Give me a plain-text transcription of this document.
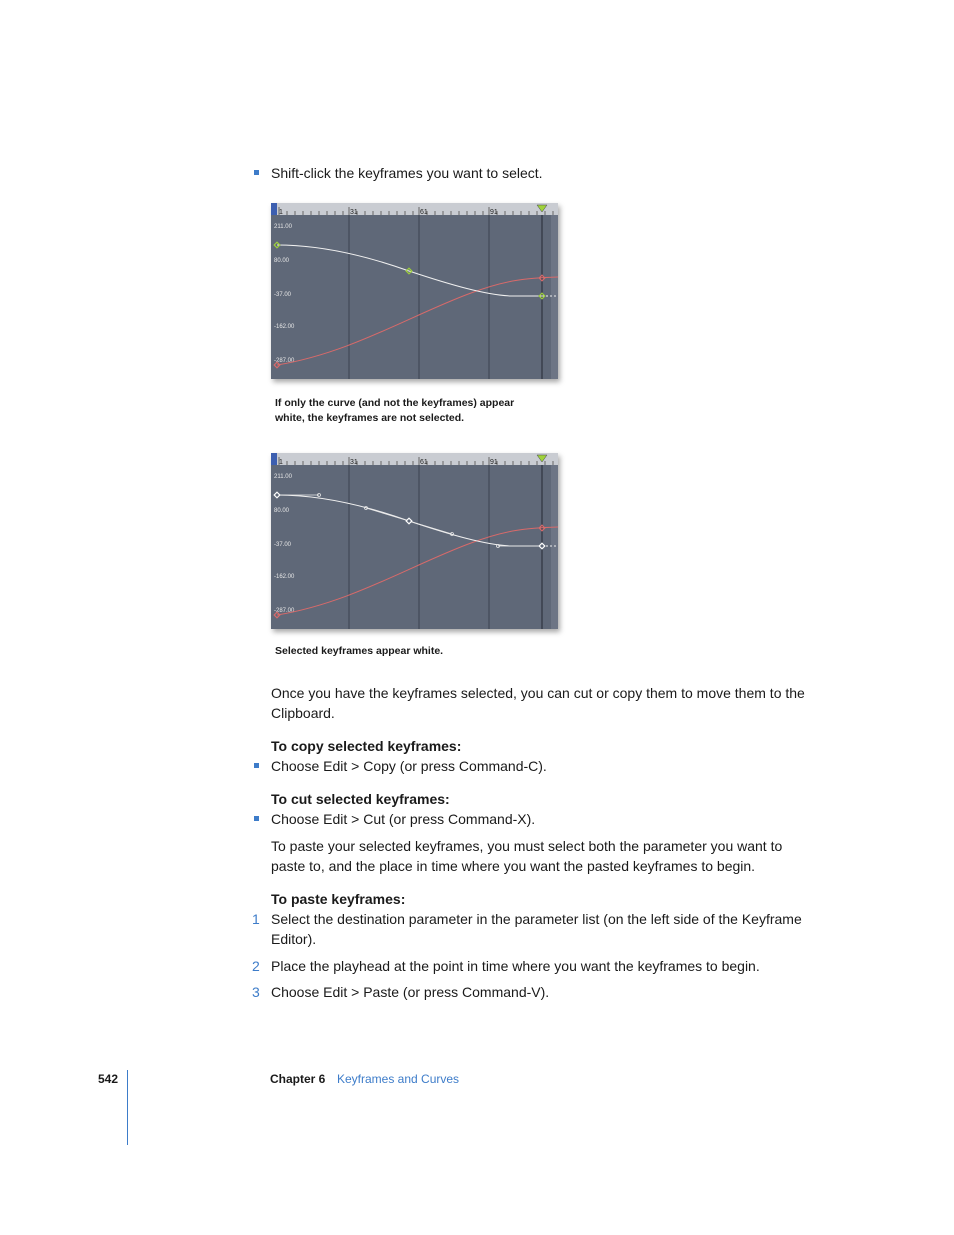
Shift-click the keyframes you want to select.
1	31	61	91
211.00
80.00
-37.00
-162.00
-287.00
If only the curve (and not the keyframes) appear white, the keyframes are not selected.
1	31	61	91
211.00
80.00
-37.00
-162.00
-287.00
Selected keyframes appear white.
Once you have the keyframes selected, you can cut or copy them to move them to the Clipboard.
To copy selected keyframes:
Choose Edit > Copy (or press Command-C).
To cut selected keyframes:
Choose Edit > Cut (or press Command-X).
To paste your selected keyframes, you must select both the parameter you want to paste to, and the place in time where you want the pasted keyframes to begin.
To paste keyframes:
1 Select the destination parameter in the parameter list (on the left side of the Keyframe Editor).
2 Place the playhead at the point in time where you want the keyframes to begin.
3 Choose Edit > Paste (or press Command-V).
542	Chapter 6 Keyframes and Curves
